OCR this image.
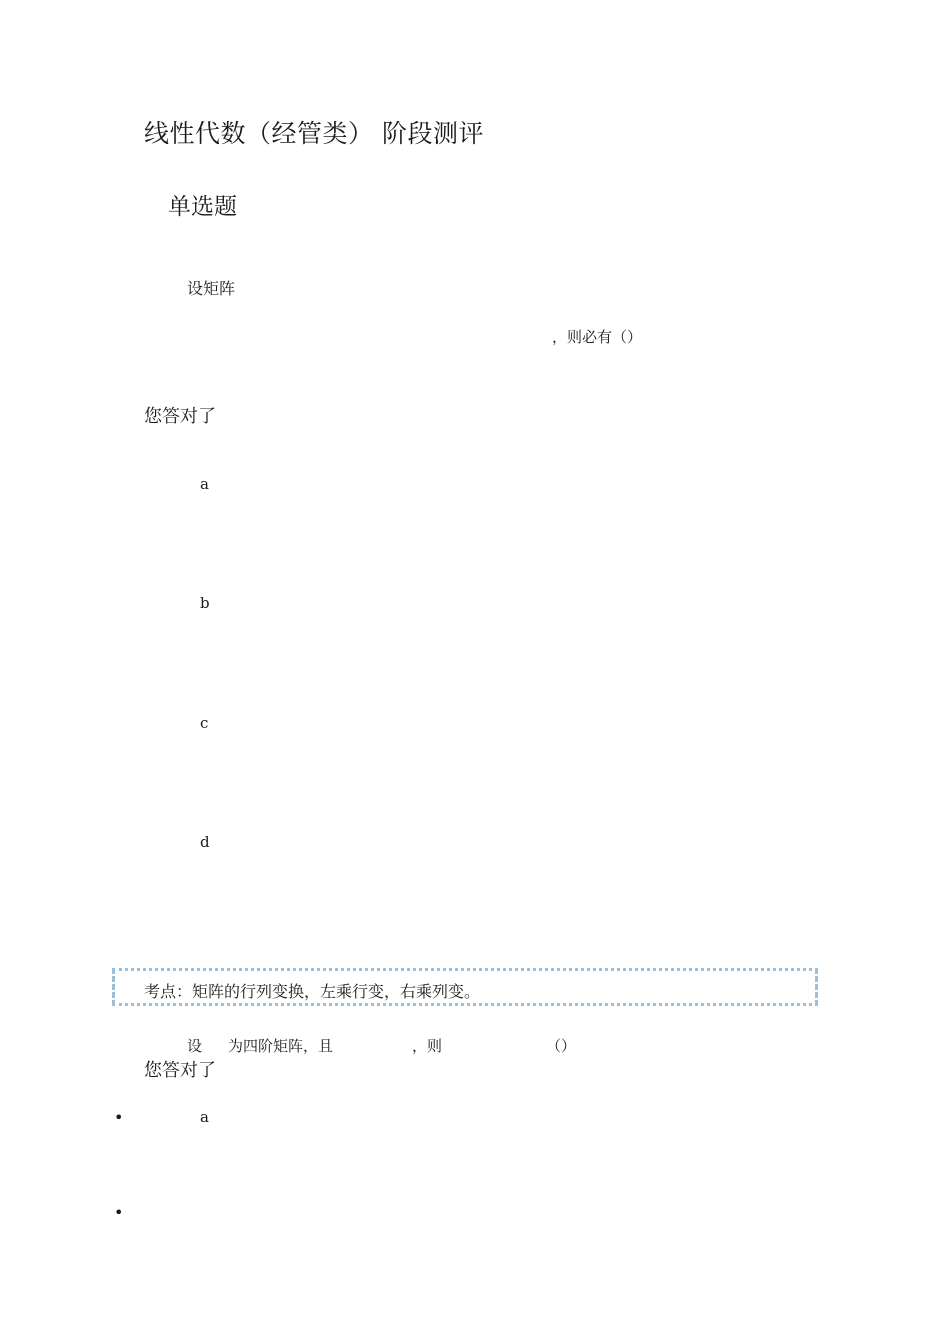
线性代数（经管类） 阶段测评
单选题
设矩阵
，则必有（）
您答对了
a
b
c
d
考点：矩阵的行列变换，左乘行变，右乘列变。
设 为四阶矩阵，且	，则	（）
您答对了
•	a
•
